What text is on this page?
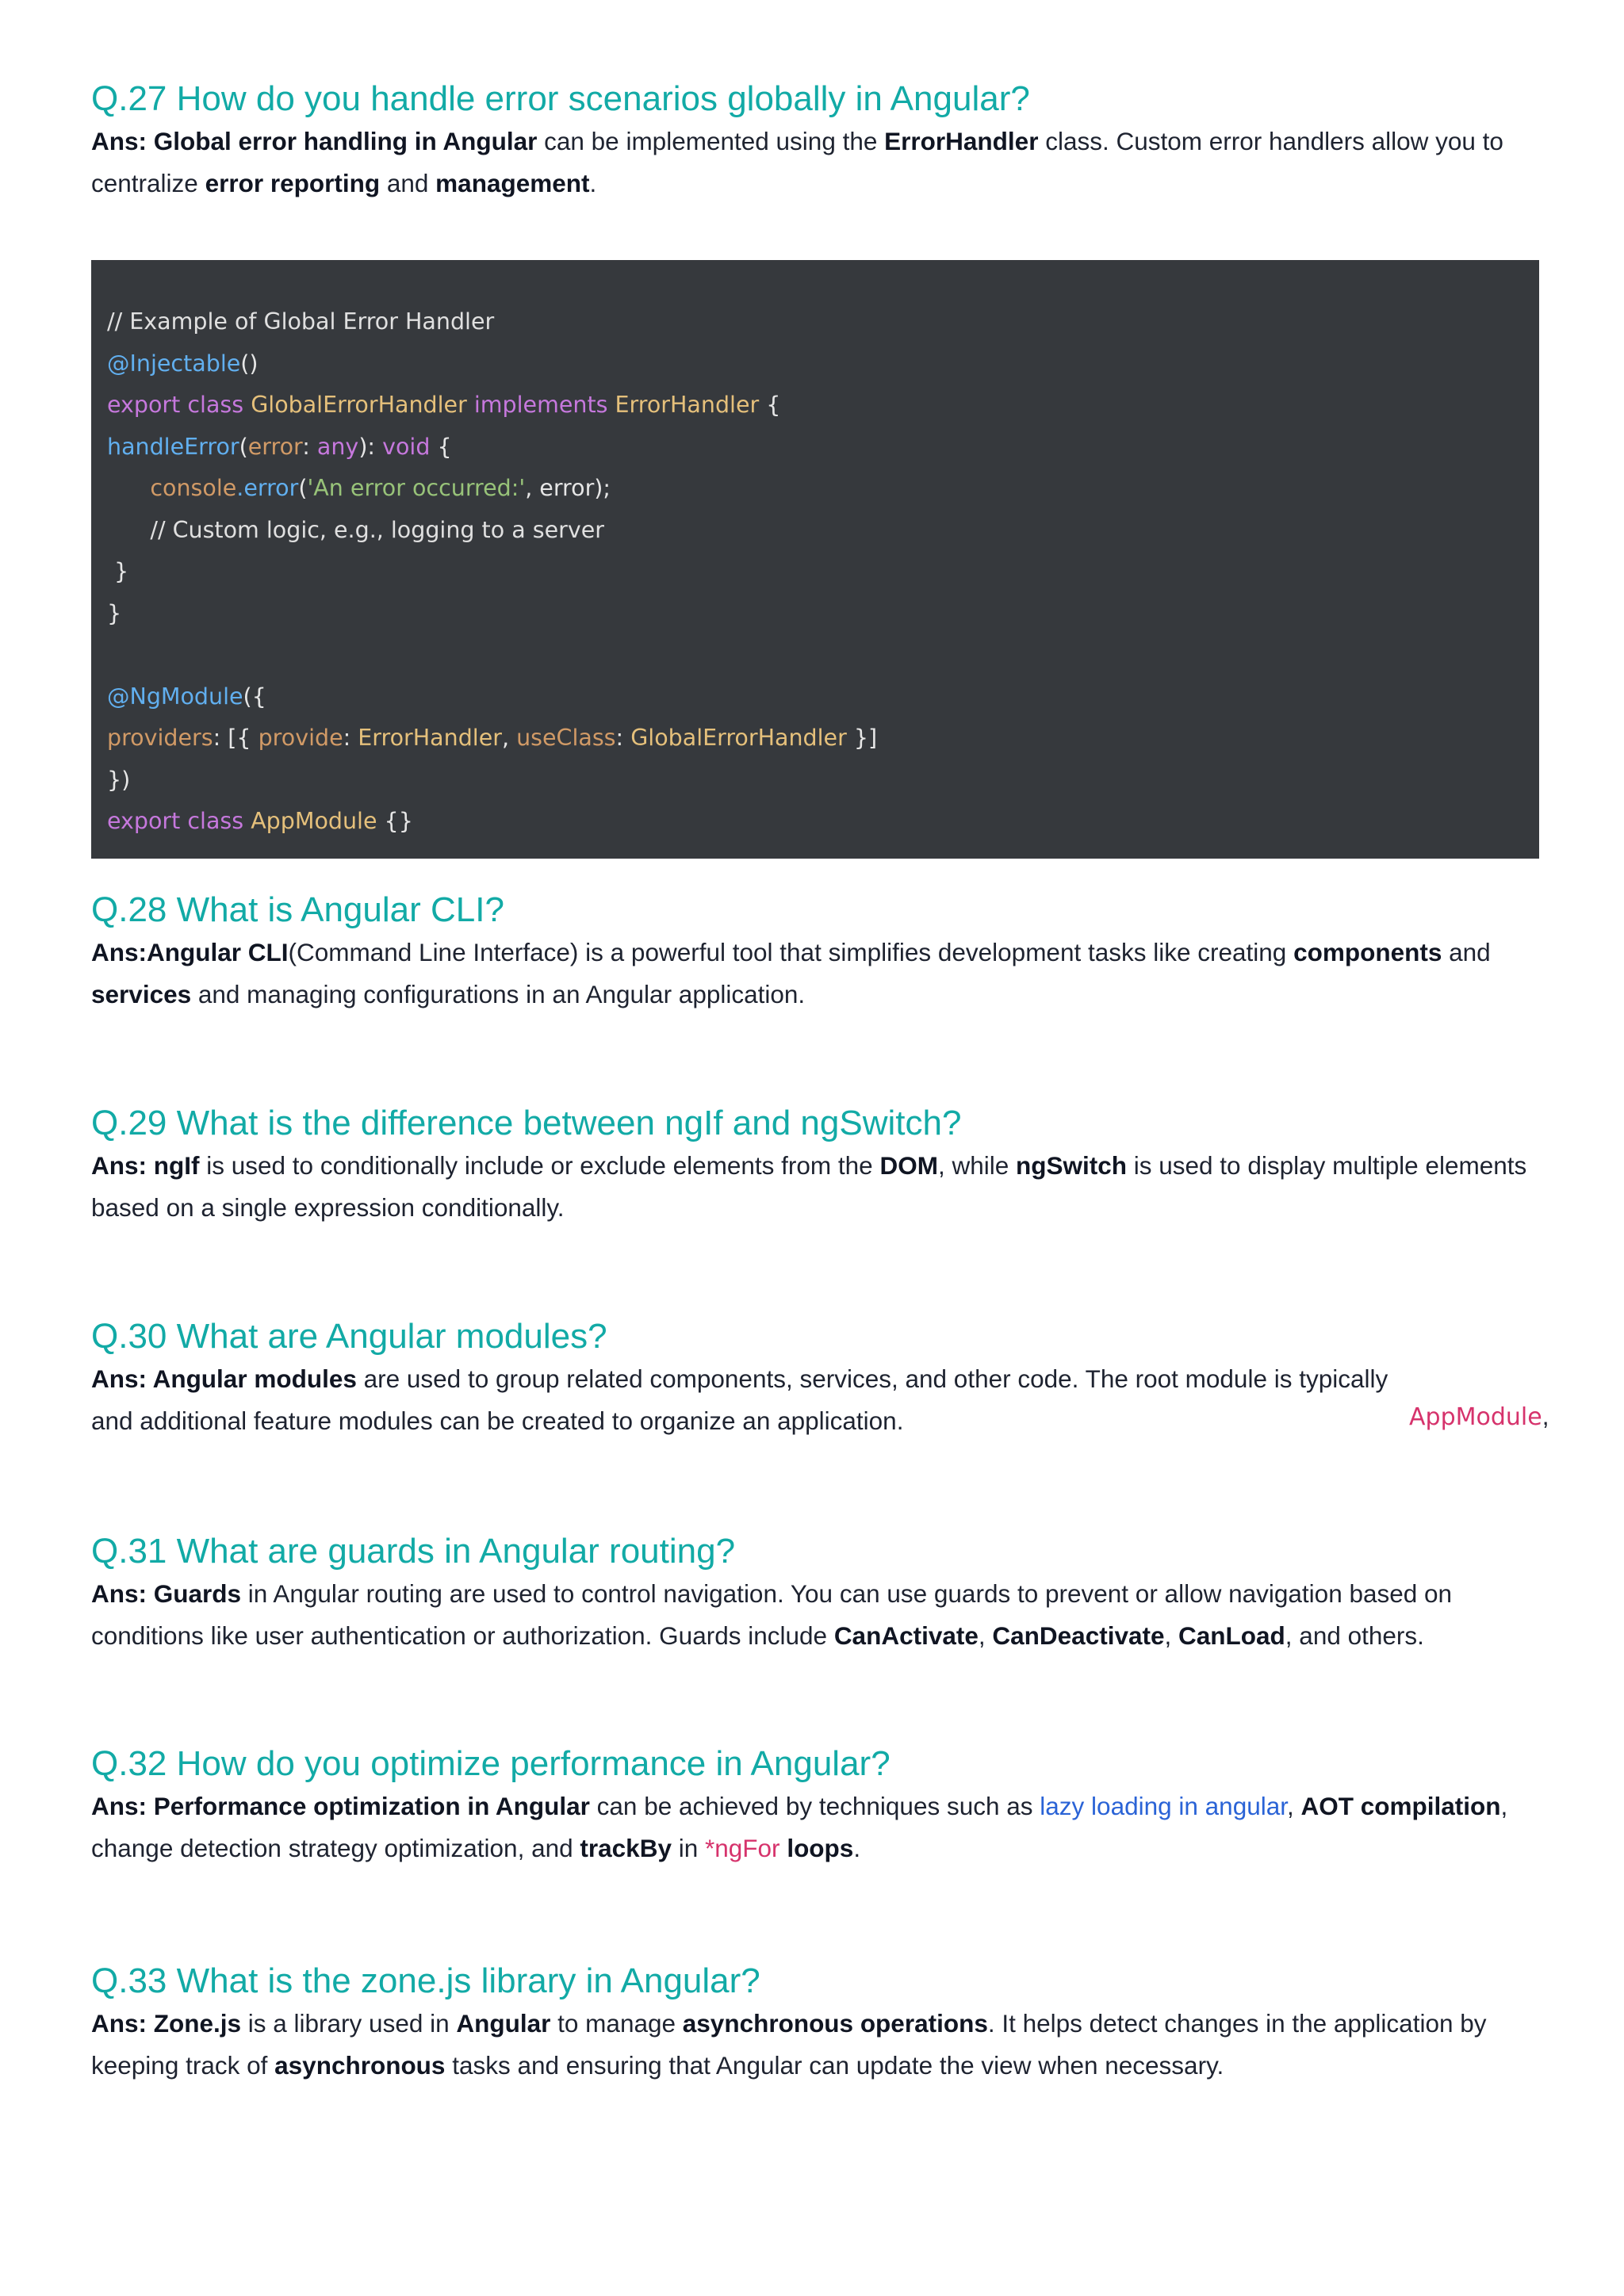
Q.27 How do you handle error scenarios globally in Angular?

Ans: Global error handling in Angular can be implemented using the ErrorHandler class. Custom error handlers allow you to centralize error reporting and management.

// Example of Global Error Handler
@Injectable()
export class GlobalErrorHandler implements ErrorHandler {
handleError(error: any): void {
console.error('An error occurred:', error);
// Custom logic, e.g., logging to a server
}
}

@NgModule({
providers: [{ provide: ErrorHandler, useClass: GlobalErrorHandler }]
})
export class AppModule {}
Q.28 What is Angular CLI?

Ans:Angular CLI(Command Line Interface) is a powerful tool that simplifies development tasks like creating components and services and managing configurations in an Angular application.

Q.29 What is the difference between ngIf and ngSwitch?

Ans: ngIf is used to conditionally include or exclude elements from the DOM, while ngSwitch is used to display multiple elements based on a single expression conditionally.

Q.30 What are Angular modules?

Ans: Angular modules are used to group related components, services, and other code. The root module is typically
and additional feature modules can be created to organize an application.	AppModule,
Q.31 What are guards in Angular routing?

Ans: Guards in Angular routing are used to control navigation. You can use guards to prevent or allow navigation based on conditions like user authentication or authorization. Guards include CanActivate, CanDeactivate, CanLoad, and others.

Q.32 How do you optimize performance in Angular?

Ans: Performance optimization in Angular can be achieved by techniques such as lazy loading in angular, AOT compilation, change detection strategy optimization, and trackBy in *ngFor loops.

Q.33 What is the zone.js library in Angular?

Ans: Zone.js is a library used in Angular to manage asynchronous operations. It helps detect changes in the application by keeping track of asynchronous tasks and ensuring that Angular can update the view when necessary.
